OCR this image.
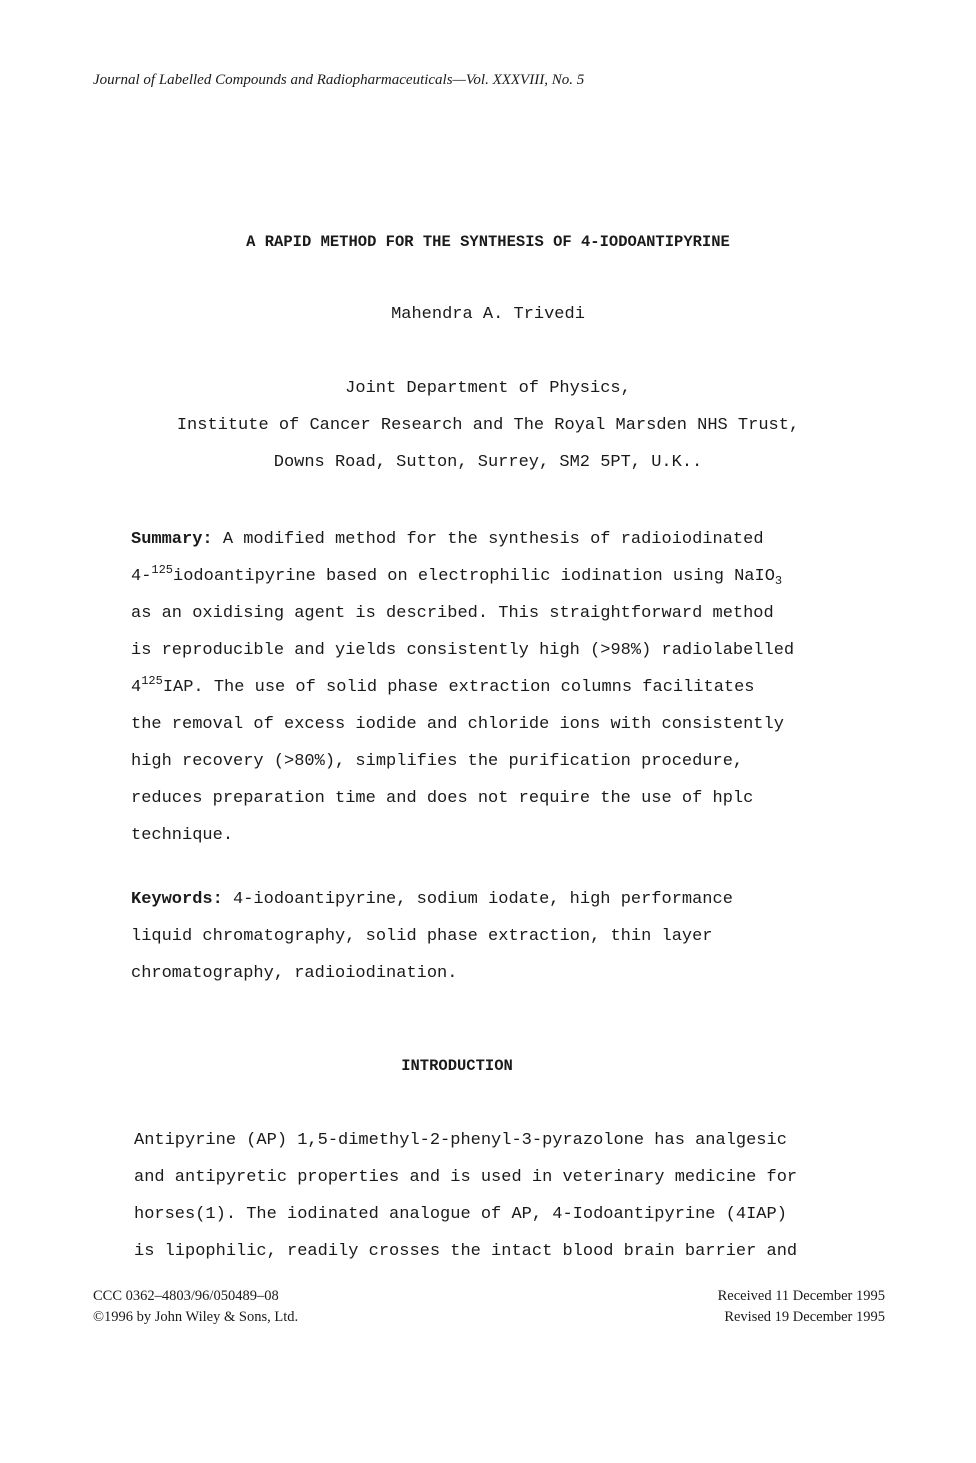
Journal of Labelled Compounds and Radiopharmaceuticals—Vol. XXXVIII, No. 5
A RAPID METHOD FOR THE SYNTHESIS OF 4-IODOANTIPYRINE
Mahendra A. Trivedi
Joint Department of Physics,
Institute of Cancer Research and The Royal Marsden NHS Trust,
Downs Road, Sutton, Surrey, SM2 5PT, U.K..
Summary: A modified method for the synthesis of radioiodinated
4-$^{125}$iodoantipyrine based on electrophilic iodination using NaIO$_3$
as an oxidising agent is described. This straightforward method
is reproducible and yields consistently high (>98%) radiolabelled
$4^{125}IAP$. The use of solid phase extraction columns facilitates
the removal of excess iodide and chloride ions with consistently
high recovery (>80%), simplifies the purification procedure,
reduces preparation time and does not require the use of hplc
technique.
Keywords: 4-iodoantipyrine, sodium iodate, high performance
liquid chromatography, solid phase extraction, thin layer
chromatography, radioiodination.
INTRODUCTION
Antipyrine (AP) 1,5-dimethyl-2-phenyl-3-pyrazolone has analgesic
and antipyretic properties and is used in veterinary medicine for
horses(1). The iodinated analogue of AP, 4-Iodoantipyrine (4IAP)
is lipophilic, readily crosses the intact blood brain barrier and
CCC 0362–4803/96/050489–08
©1996 by John Wiley & Sons, Ltd.
Received 11 December 1995
Revised 19 December 1995
